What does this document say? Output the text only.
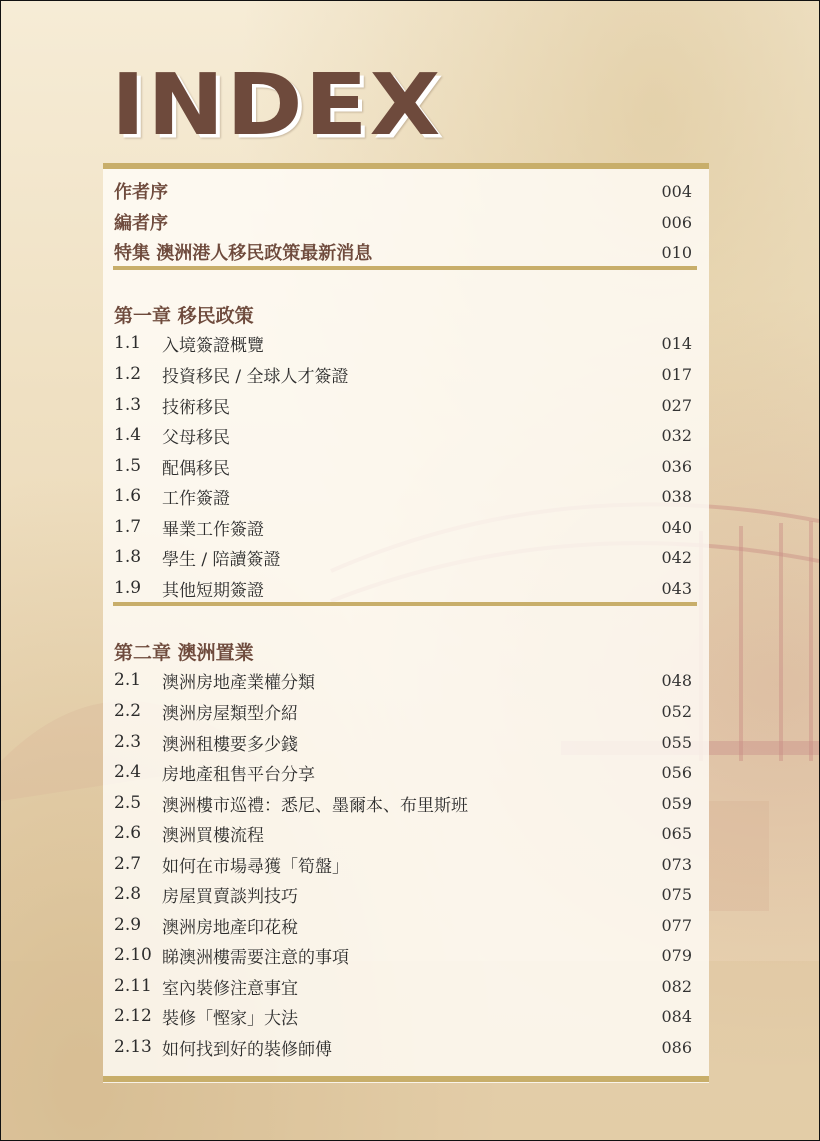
INDEX
作者序	004
編者序	006
特集 澳洲港人移民政策最新消息	010
第一章 移民政策
1.1	入境簽證概覽	014
1.2	投資移民 / 全球人才簽證	017
1.3	技術移民	027
1.4	父母移民	032
1.5	配偶移民	036
1.6	工作簽證	038
1.7	畢業工作簽證	040
1.8	學生 / 陪讀簽證	042
1.9	其他短期簽證	043
第二章 澳洲置業
2.1	澳洲房地產業權分類	048
2.2	澳洲房屋類型介紹	052
2.3	澳洲租樓要多少錢	055
2.4	房地產租售平台分享	056
2.5	澳洲樓市巡禮：悉尼、墨爾本、布里斯班	059
2.6	澳洲買樓流程	065
2.7	如何在市場尋獲「筍盤」	073
2.8	房屋買賣談判技巧	075
2.9	澳洲房地產印花稅	077
2.10 睇澳洲樓需要注意的事項	079
2.11 室內裝修注意事宜	082
2.12 裝修「慳家」大法	084
2.13 如何找到好的裝修師傅	086
